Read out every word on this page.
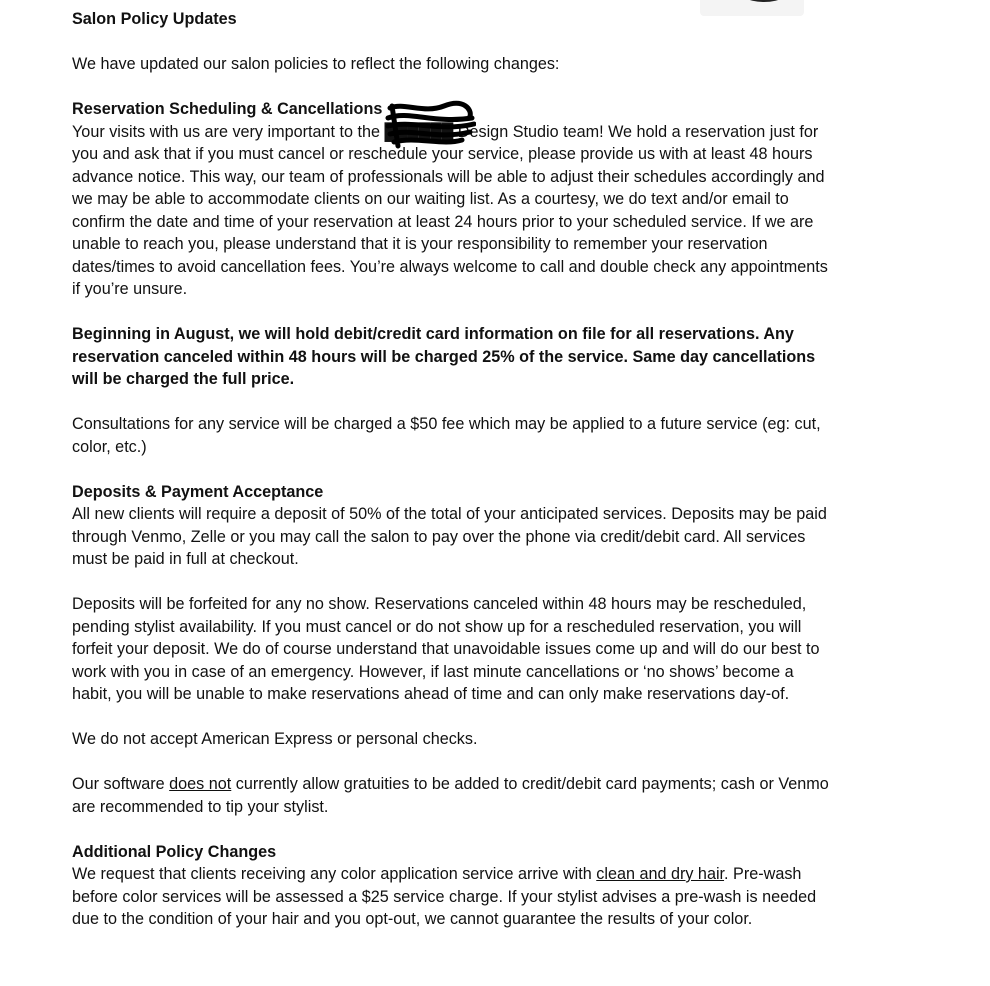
Salon Policy Updates

We have updated our salon policies to reflect the following changes:

Reservation Scheduling & Cancellations

Your visits with us are very important to the ██████ Design Studio team! We hold a reservation just for you and ask that if you must cancel or reschedule your service, please provide us with at least 48 hours advance notice. This way, our team of professionals will be able to adjust their schedules accordingly and we may be able to accommodate clients on our waiting list. As a courtesy, we do text and/or email to confirm the date and time of your reservation at least 24 hours prior to your scheduled service. If we are unable to reach you, please understand that it is your responsibility to remember your reservation dates/times to avoid cancellation fees. You’re always welcome to call and double check any appointments if you’re unsure.

Beginning in August, we will hold debit/credit card information on file for all reservations. Any reservation canceled within 48 hours will be charged 25% of the service. Same day cancellations will be charged the full price.

Consultations for any service will be charged a $50 fee which may be applied to a future service (eg: cut, color, etc.)

Deposits & Payment Acceptance

All new clients will require a deposit of 50% of the total of your anticipated services. Deposits may be paid through Venmo, Zelle or you may call the salon to pay over the phone via credit/debit card. All services must be paid in full at checkout.

Deposits will be forfeited for any no show. Reservations canceled within 48 hours may be rescheduled, pending stylist availability. If you must cancel or do not show up for a rescheduled reservation, you will forfeit your deposit. We do of course understand that unavoidable issues come up and will do our best to work with you in case of an emergency. However, if last minute cancellations or ‘no shows’ become a habit, you will be unable to make reservations ahead of time and can only make reservations day-of.

We do not accept American Express or personal checks.

Our software does not currently allow gratuities to be added to credit/debit card payments; cash or Venmo are recommended to tip your stylist.

Additional Policy Changes

We request that clients receiving any color application service arrive with clean and dry hair. Pre-wash before color services will be assessed a $25 service charge. If your stylist advises a pre-wash is needed due to the condition of your hair and you opt-out, we cannot guarantee the results of your color.
